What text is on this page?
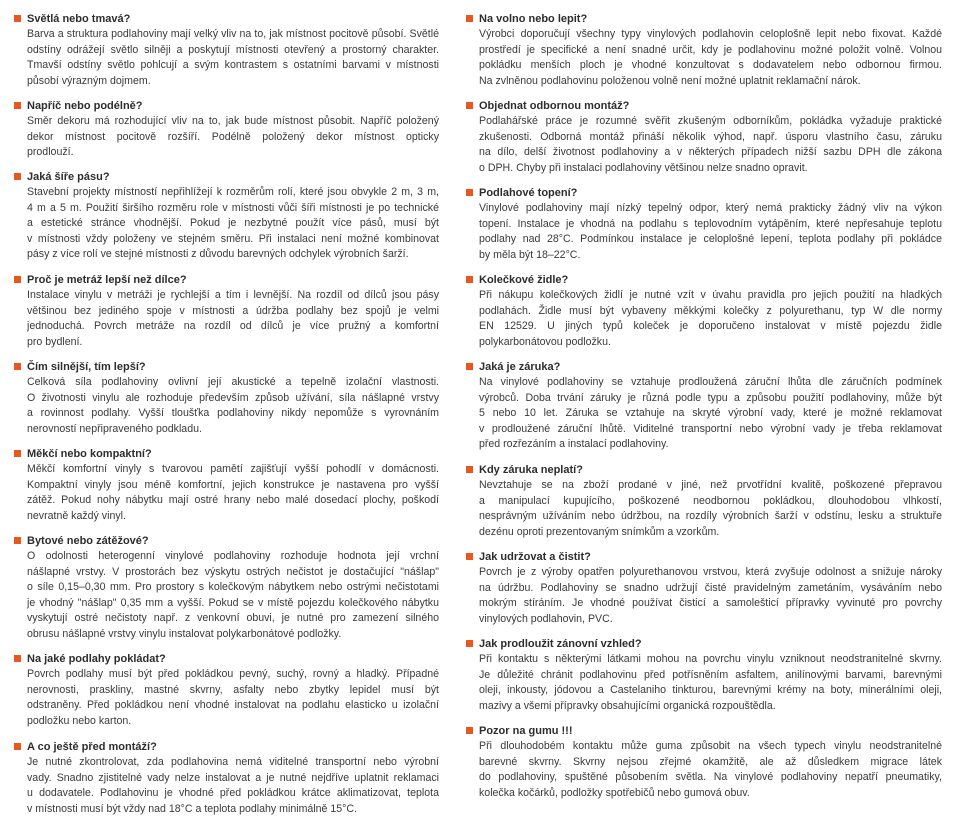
Světlá nebo tmavá?
Barva a struktura podlahoviny mají velký vliv na to, jak místnost pocitově působí. Světlé
odstíny odrážejí světlo silněji a poskytují místnosti otevřený a prostorný charakter.
Tmavší odstíny světlo pohlcují a svým kontrastem s ostatními barvami v místnosti
působí výrazným dojmem.
Napříč nebo podélně?
Směr dekoru má rozhodující vliv na to, jak bude místnost působit. Napříč položený
dekor místnost pocitově rozšíří. Podélně položený dekor místnost opticky
prodlouží.
Jaká šíře pásu?
Stavební projekty místností nepřihlížejí k rozměrům rolí, které jsou obvykle 2 m, 3 m,
4 m a 5 m. Použití širšího rozměru role v místnosti vůči šíři místnosti je po technické
a estetické stránce vhodnější. Pokud je nezbytné použít více pásů, musí být
v místnosti vždy položeny ve stejném směru. Při instalaci není možné kombinovat
pásy z více rolí ve stejné místnosti z důvodu barevných odchylek výrobních šarží.
Proč je metráž lepší než dílce?
Instalace vinylu v metráži je rychlejší a tím i levnější. Na rozdíl od dílců jsou pásy
většinou bez jediného spoje v místnosti a údržba podlahy bez spojů je velmi
jednoduchá. Povrch metráže na rozdíl od dílců je více pružný a komfortní
pro bydlení.
Čím silnější, tím lepší?
Celková síla podlahoviny ovlivní její akustické a tepelně izolační vlastnosti.
O životnosti vinylu ale rozhoduje především způsob užívání, síla nášlapné vrstvy
a rovinnost podlahy. Vyšší tloušťka podlahoviny nikdy nepomůže s vyrovnáním
nerovností nepřipraveného podkladu.
Měkčí nebo kompaktní?
Měkčí komfortní vinyly s tvarovou pamětí zajišťují vyšší pohodlí v domácnosti.
Kompaktní vinyly jsou méně komfortní, jejich konstrukce je nastavena pro vyšší
zátěž. Pokud nohy nábytku mají ostré hrany nebo malé dosedací plochy, poškodí
nevratně každý vinyl.
Bytové nebo zátěžové?
O odolnosti heterogenní vinylové podlahoviny rozhoduje hodnota její vrchní
nášlapné vrstvy. V prostorách bez výskytu ostrých nečistot je dostačující "nášlap"
o síle 0,15–0,30 mm. Pro prostory s kolečkovým nábytkem nebo ostrými nečistotami
je vhodný "nášlap" 0,35 mm a vyšší. Pokud se v místě pojezdu kolečkového nábytku
vyskytují ostré nečistoty např. z venkovní obuvi, je nutné pro zamezení silného
obrusu nášlapné vrstvy vinylu instalovat polykarbonátové podložky.
Na jaké podlahy pokládat?
Povrch podlahy musí být před pokládkou pevný, suchý, rovný a hladký. Případné
nerovnosti, praskliny, mastné skvrny, asfalty nebo zbytky lepidel musí být
odstraněny. Před pokládkou není vhodné instalovat na podlahu elasticko u izolační
podložku nebo karton.
A co ještě před montáží?
Je nutné zkontrolovat, zda podlahovina nemá viditelné transportní nebo výrobní
vady. Snadno zjistitelné vady nelze instalovat a je nutné nejdříve uplatnit reklamaci
u dodavatele. Podlahovinu je vhodné před pokládkou krátce aklimatizovat, teplota
v místnosti musí být vždy nad 18°C a teplota podlahy minimálně 15°C.
Na volno nebo lepit?
Výrobci doporučují všechny typy vinylových podlahovin celoplošně lepit nebo fixovat. Každé
prostředí je specifické a není snadné určit, kdy je podlahovinu možné položit volně. Volnou
pokládku menších ploch je vhodné konzultovat s dodavatelem nebo odbornou firmou.
Na zvlněnou podlahovinu položenou volně není možné uplatnit reklamační nárok.
Objednat odbornou montáž?
Podlahářské práce je rozumné svěřit zkušeným odborníkům, pokládka vyžaduje praktické
zkušenosti. Odborná montáž přináší několik výhod, např. úsporu vlastního času, záruku
na dílo, delší životnost podlahoviny a v některých případech nižší sazbu DPH dle zákona
o DPH. Chyby při instalaci podlahoviny většinou nelze snadno opravit.
Podlahové topení?
Vinylové podlahoviny mají nízký tepelný odpor, který nemá prakticky žádný vliv na výkon
topení. Instalace je vhodná na podlahu s teplovodním vytápěním, které nepřesahuje teplotu
podlahy nad 28°C. Podmínkou instalace je celoplošné lepení, teplota podlahy při pokládce
by měla být 18–22°C.
Kolečkové židle?
Při nákupu kolečkových židlí je nutné vzít v úvahu pravidla pro jejich použití na hladkých
podlahách. Židle musí být vybaveny měkkými kolečky z polyurethanu, typ W dle normy
EN 12529. U jiných typů koleček je doporučeno instalovat v místě pojezdu židle
polykarbonátovou podložku.
Jaká je záruka?
Na vinylové podlahoviny se vztahuje prodloužená záruční lhůta dle záručních podmínek
výrobců. Doba trvání záruky je různá podle typu a způsobu použití podlahoviny, může být
5 nebo 10 let. Záruka se vztahuje na skryté výrobní vady, které je možné reklamovat
v prodloužené záruční lhůtě. Viditelné transportní nebo výrobní vady je třeba reklamovat
před rozřezáním a instalací podlahoviny.
Kdy záruka neplatí?
Nevztahuje se na zboží prodané v jiné, než prvotřídní kvalitě, poškozené přepravou
a manipulací kupujícího, poškozené neodbornou pokládkou, dlouhodobou vlhkostí,
nesprávným užíváním nebo údržbou, na rozdíly výrobních šarží v odstínu, lesku a struktuře
dezénu oproti prezentovaným snímkům a vzorkům.
Jak udržovat a čistit?
Povrch je z výroby opatřen polyurethanovou vrstvou, která zvyšuje odolnost a snižuje nároky
na údržbu. Podlahoviny se snadno udržují čisté pravidelným zametáním, vysáváním nebo
mokrým stíráním. Je vhodné používat čisticí a samolešticí přípravky vyvinuté pro povrchy
vinylových podlahovin, PVC.
Jak prodloužit zánovní vzhled?
Při kontaktu s některými látkami mohou na povrchu vinylu vzniknout neodstranitelné skvrny.
Je důležité chránit podlahovinu před potřísněním asfaltem, anilínovými barvami, barevnými
oleji, inkousty, jódovou a Castelaniho tinkturou, barevnými krémy na boty, minerálními oleji,
mazivy a všemi přípravky obsahujícími organická rozpouštědla.
Pozor na gumu !!!
Při dlouhodobém kontaktu může guma způsobit na všech typech vinylu neodstranitelné
barevné skvrny. Skvrny nejsou zřejmé okamžitě, ale až důsledkem migrace látek
do podlahoviny, spuštěné působením světla. Na vinylové podlahoviny nepatří pneumatiky,
kolečka kočárků, podložky spotřebičů nebo gumová obuv.
